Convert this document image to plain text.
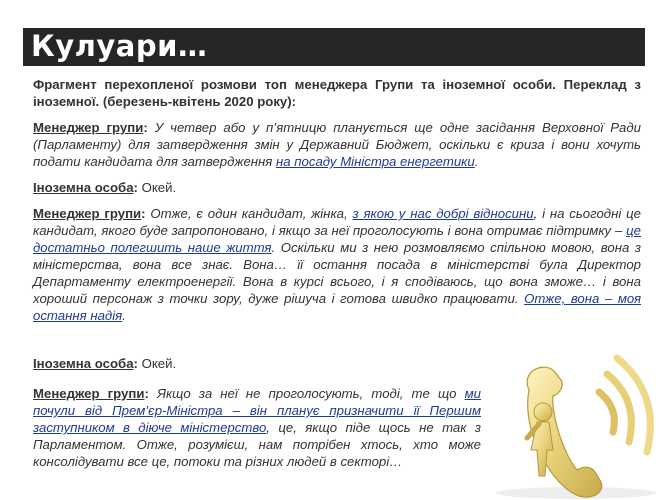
Кулуари…

Фрагмент перехопленої розмови топ менеджера Групи та іноземної особи. Переклад з іноземної. (березень-квітень 2020 року):

Менеджер групи: У четвер або у п’ятницю планується ще одне засідання Верховної Ради (Парламенту) для затвердження змін у Державний Бюджет, оскільки є криза і вони хочуть подати кандидата для затвердження на посаду Міністра енергетики.

Іноземна особа: Окей.

Менеджер групи: Отже, є один кандидат, жінка, з якою у нас добрі відносини, і на сьогодні це кандидат, якого буде запропоновано, і якщо за неї проголосують і вона отримає підтримку – це достатньо полегшить наше життя. Оскільки ми з нею розмовляємо спільною мовою, вона з міністерства, вона все знає. Вона… її остання посада в міністерстві була Директор Департаменту електроенергії. Вона в курсі всього, і я сподіваюсь, що вона зможе… і вона хороший персонаж з точки зору, дуже рішуча і готова швидко працювати. Отже, вона – моя остання надія.

Іноземна особа: Окей.

Менеджер групи: Якщо за неї не проголосують, тоді, те що ми почули від Прем’єр-Міністра – він планує призначити її Першим заступником в діюче міністерство, це, якщо піде щось не так з Парламентом. Отже, розумієш, нам потрібен хтось, хто може консолідувати все це, потоки та різних людей в секторі…
